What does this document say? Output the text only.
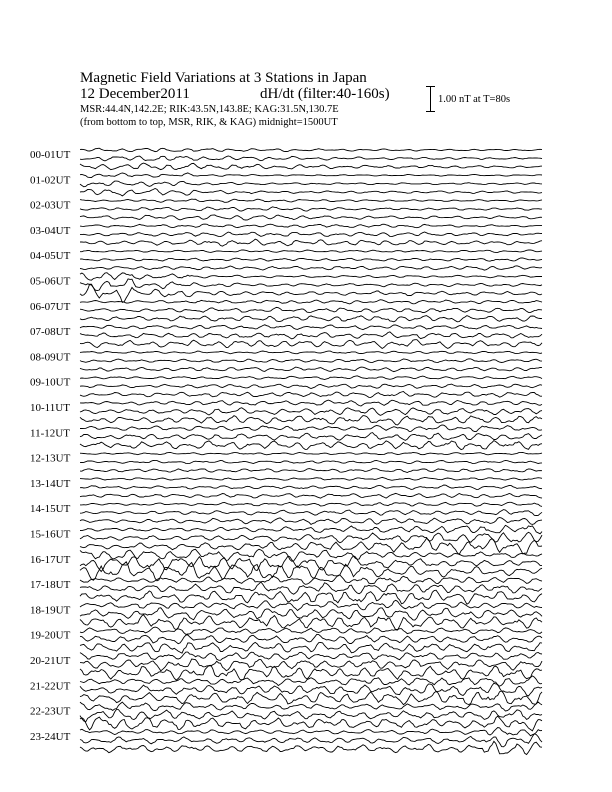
Magnetic Field Variations at 3 Stations in Japan
12 December2011	dH/dt (filter:40-160s)
MSR:44.4N,142.2E; RIK:43.5N,143.8E; KAG:31.5N,130.7E
(from bottom to top, MSR, RIK, & KAG) midnight=1500UT
1.00 nT at T=80s
00-01UT
01-02UT
02-03UT
03-04UT
04-05UT
05-06UT
06-07UT
07-08UT
08-09UT
09-10UT
10-11UT
11-12UT
12-13UT
13-14UT
14-15UT
15-16UT
16-17UT
17-18UT
18-19UT
19-20UT
20-21UT
21-22UT
22-23UT
23-24UT
